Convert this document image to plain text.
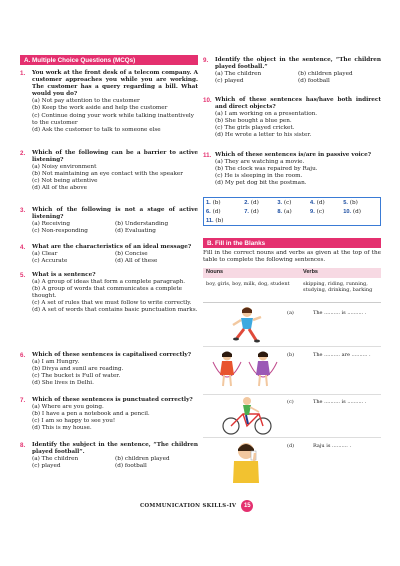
A. Multiple Choice Questions (MCQs)
1.	You work at the front desk of a telecom company. A customer approaches you while you are working. The customer has a query regarding a bill. What would you do?
(a) Not pay attention to the customer
(b) Keep the work aside and help the customer
(c) Continue doing your work while talking inattentively to the customer
(d) Ask the customer to talk to someone else
2.	Which of the following can be a barrier to active listening?
(a) Noisy environment
(b) Not maintaining an eye contact with the speaker
(c) Not being attentive
(d) All of the above
3.	Which of the following is not a stage of active listening?
(a) Receiving	(b) Understanding
(c) Non-responding	(d) Evaluating
4.	What are the characteristics of an ideal message?
(a) Clear	(b) Concise
(c) Accurate	(d) All of these
5.	What is a sentence?
(a) A group of ideas that form a complete paragraph.
(b) A group of words that communicates a complete thought.
(c) A set of rules that we must follow to write correctly.
(d) A set of words that contains basic punctuation marks.
6.	Which of these sentences is capitalised correctly?
(a) I am Hungry.
(b) Divya and sunil are reading.
(c) The bucket is Full of water.
(d) She lives in Delhi.
7.	Which of these sentences is punctuated correctly?
(a) Where are you going.
(b) I have a pen a notebook and a pencil.
(c) I am so happy to see you!
(d) This is my house.
8.	Identify the subject in the sentence, “The children played football”.
(a) The children	(b) children played
(c) played	(d) football
9.	Identify the object in the sentence, “The children played football.”
(a) The children	(b) children played
(c) played	(d) football
10. Which of these sentences has/have both indirect and direct objects?
(a) I am working on a presentation.
(b) She bought a blue pen.
(c) The girls played cricket.
(d) He wrote a letter to his sister.
11. Which of these sentences is/are in passive voice?
(a) They are watching a movie.
(b) The clock was repaired by Raju.
(c) He is sleeping in the room.
(d) My pet dog bit the postman.
1. (b)	2. (d)	3. (c)	4. (d)	5. (b)
6. (d)	7. (d)	8. (a)	9. (c)	10. (d)
11. (b)				
B. Fill in the Blanks
Fill in the correct nouns and verbs as given at the top of the table to complete the following sentences.
Nouns	Verbs
boy, girls, boy, milk, dog, student	skipping, riding, running, studying, drinking, barking
(a)	The .......... is .......... .
(b)	The .......... are .......... .
(c)	The .......... is .......... .
(d)	Raju is .......... .
COMMUNICATION SKILLS-IV	15
